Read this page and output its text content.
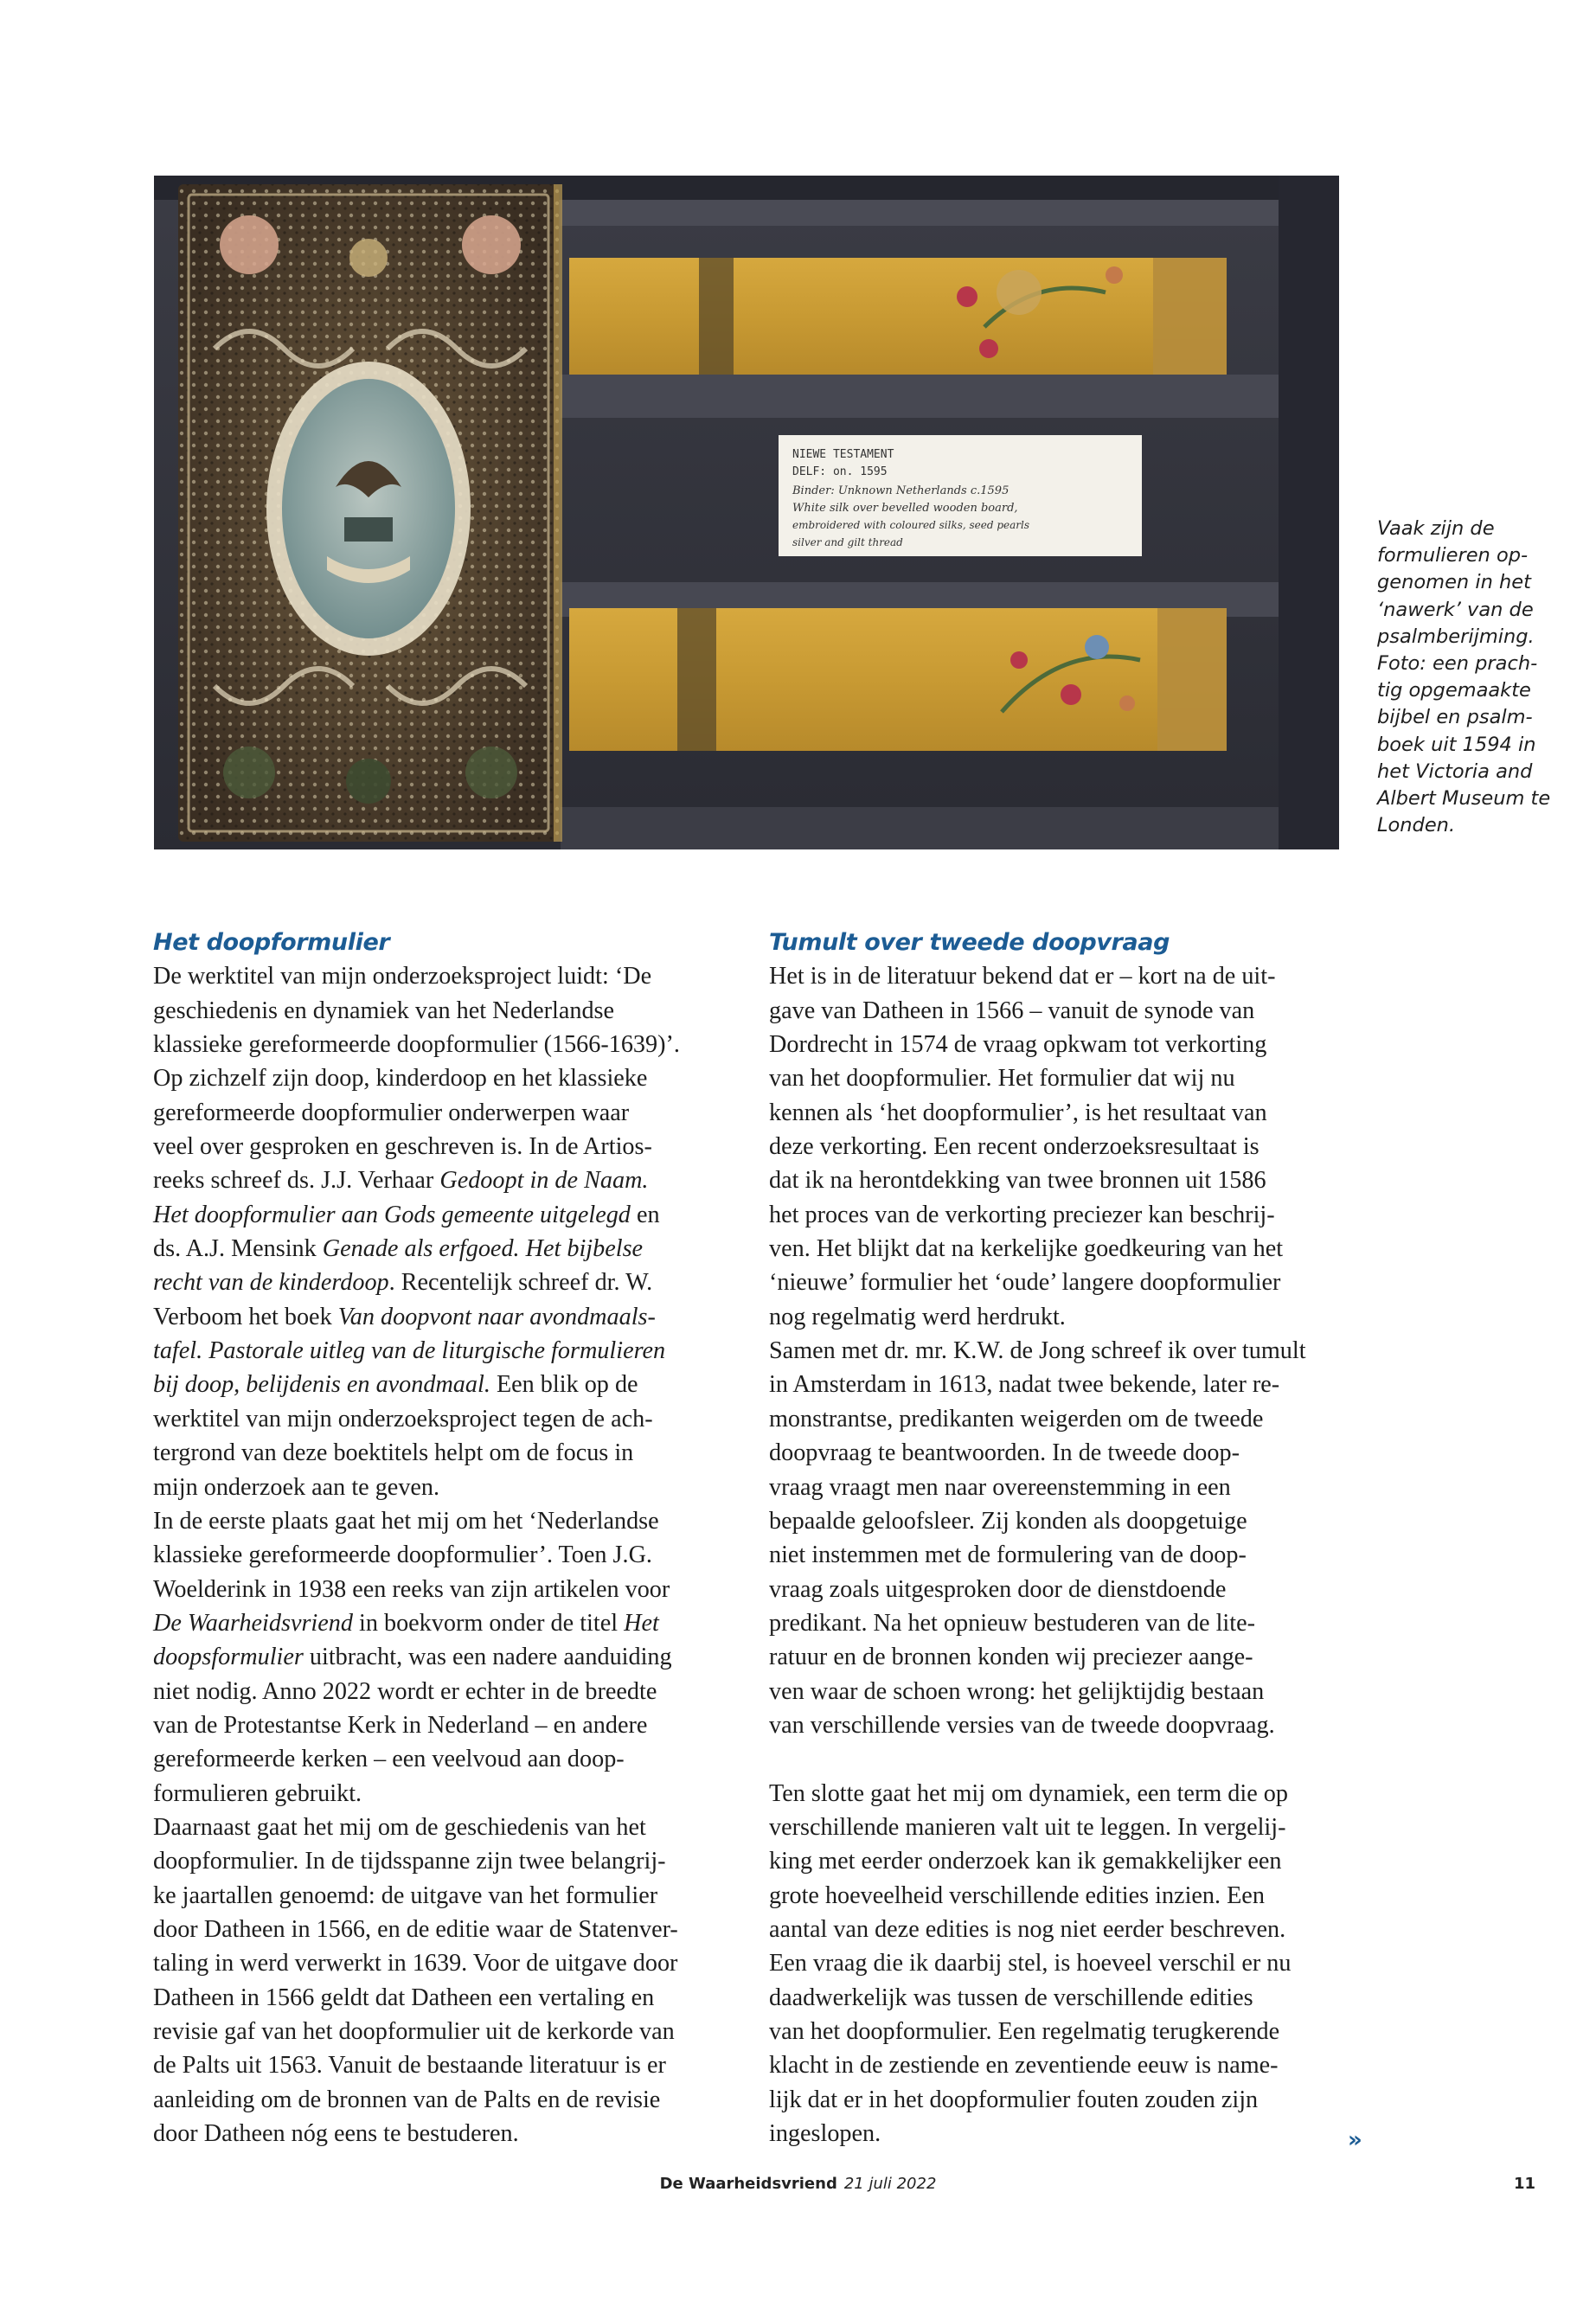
NIEWE TESTAMENT
DELF: on. 1595
Binder: Unknown Netherlands c.1595
White silk over bevelled wooden board,
embroidered with coloured silks, seed pearls
silver and gilt thread
Vaak zijn de
formulieren op-
genomen in het
‘nawerk’ van de
psalmberijming.
Foto: een prach-
tig opgemaakte
bijbel en psalm-
boek uit 1594 in
het Victoria and
Albert Museum te
Londen.
Het doopformulier
De werktitel van mijn onderzoeksproject luidt: ‘De
geschiedenis en dynamiek van het Nederlandse
klassieke gereformeerde doopformulier (1566-1639)’.
Op zichzelf zijn doop, kinderdoop en het klassieke
gereformeerde doopformulier onderwerpen waar
veel over gesproken en geschreven is. In de Artios-
reeks schreef ds. J.J. Verhaar Gedoopt in de Naam.
Het doopformulier aan Gods gemeente uitgelegd en
ds. A.J. Mensink Genade als erfgoed. Het bijbelse
recht van de kinderdoop. Recentelijk schreef dr. W.
Verboom het boek Van doopvont naar avondmaals-
tafel. Pastorale uitleg van de liturgische formulieren
bij doop, belijdenis en avondmaal. Een blik op de
werktitel van mijn onderzoeksproject tegen de ach-
tergrond van deze boektitels helpt om de focus in
mijn onderzoek aan te geven.
In de eerste plaats gaat het mij om het ‘Nederlandse
klassieke gereformeerde doopformulier’. Toen J.G.
Woelderink in 1938 een reeks van zijn artikelen voor
De Waarheidsvriend in boekvorm onder de titel Het
doopsformulier uitbracht, was een nadere aanduiding
niet nodig. Anno 2022 wordt er echter in de breedte
van de Protestantse Kerk in Nederland – en andere
gereformeerde kerken – een veelvoud aan doop-
formulieren gebruikt.
Daarnaast gaat het mij om de geschiedenis van het
doopformulier. In de tijdsspanne zijn twee belangrij-
ke jaartallen genoemd: de uitgave van het formulier
door Datheen in 1566, en de editie waar de Statenver-
taling in werd verwerkt in 1639. Voor de uitgave door
Datheen in 1566 geldt dat Datheen een vertaling en
revisie gaf van het doopformulier uit de kerkorde van
de Palts uit 1563. Vanuit de bestaande literatuur is er
aanleiding om de bronnen van de Palts en de revisie
door Datheen nóg eens te bestuderen.
Tumult over tweede doopvraag
Het is in de literatuur bekend dat er – kort na de uit-
gave van Datheen in 1566 – vanuit de synode van
Dordrecht in 1574 de vraag opkwam tot verkorting
van het doopformulier. Het formulier dat wij nu
kennen als ‘het doopformulier’, is het resultaat van
deze verkorting. Een recent onderzoeksresultaat is
dat ik na herontdekking van twee bronnen uit 1586
het proces van de verkorting preciezer kan beschrij-
ven. Het blijkt dat na kerkelijke goedkeuring van het
‘nieuwe’ formulier het ‘oude’ langere doopformulier
nog regelmatig werd herdrukt.
Samen met dr. mr. K.W. de Jong schreef ik over tumult
in Amsterdam in 1613, nadat twee bekende, later re-
monstrantse, predikanten weigerden om de tweede
doopvraag te beantwoorden. In de tweede doop-
vraag vraagt men naar overeenstemming in een
bepaalde geloofsleer. Zij konden als doopgetuige
niet instemmen met de formulering van de doop-
vraag zoals uitgesproken door de dienstdoende
predikant. Na het opnieuw bestuderen van de lite-
ratuur en de bronnen konden wij preciezer aange-
ven waar de schoen wrong: het gelijktijdig bestaan
van verschillende versies van de tweede doopvraag.
Ten slotte gaat het mij om dynamiek, een term die op
verschillende manieren valt uit te leggen. In vergelij-
king met eerder onderzoek kan ik gemakkelijker een
grote hoeveelheid verschillende edities inzien. Een
aantal van deze edities is nog niet eerder beschreven.
Een vraag die ik daarbij stel, is hoeveel verschil er nu
daadwerkelijk was tussen de verschillende edities
van het doopformulier. Een regelmatig terugkerende
klacht in de zestiende en zeventiende eeuw is name-
lijk dat er in het doopformulier fouten zouden zijn
ingeslopen.	»
De Waarheidsvriend 21 juli 2022	11
